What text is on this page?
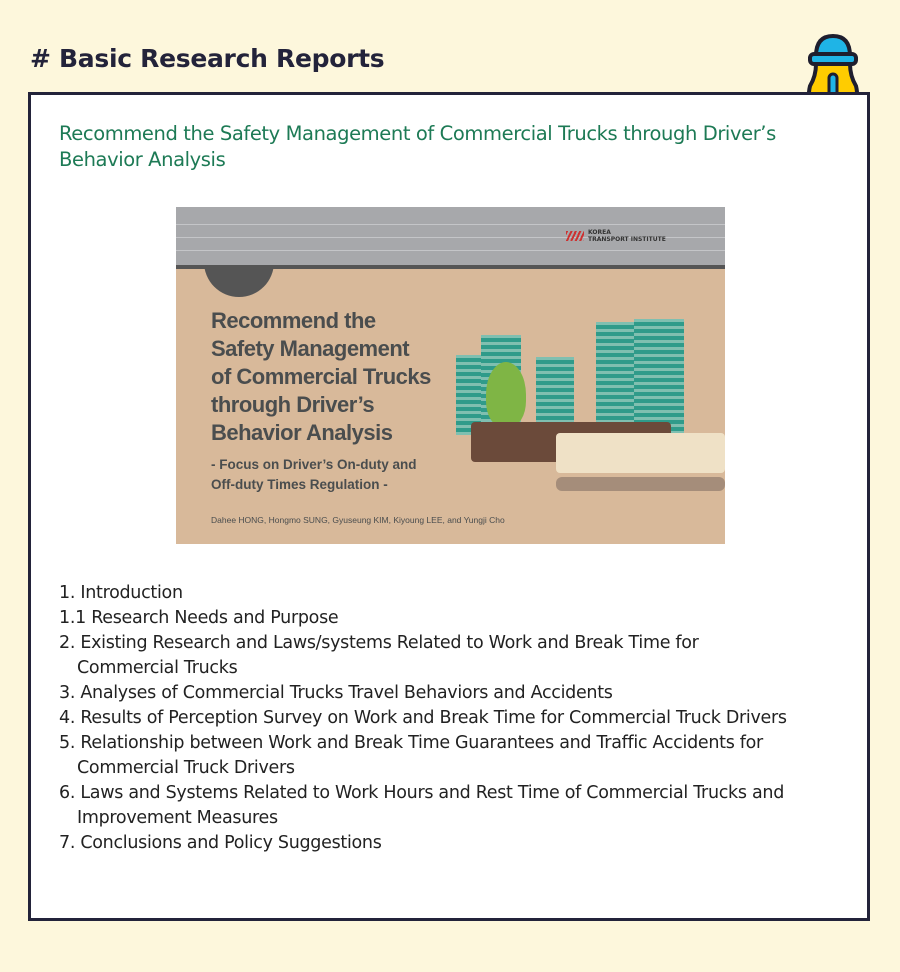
# Basic Research Reports
Recommend the Safety Management of Commercial Trucks through Driver’s Behavior Analysis
KOREA
TRANSPORT INSTITUTE
Recommend the
Safety Management
of Commercial Trucks
through Driver’s
Behavior Analysis
- Focus on Driver’s On-duty and
Off-duty Times Regulation -
Dahee HONG, Hongmo SUNG, Gyuseung KIM, Kiyoung LEE, and Yungji Cho
1. Introduction
1.1 Research Needs and Purpose
2. Existing Research and Laws/systems Related to Work and Break Time for Commercial Trucks
3. Analyses of Commercial Trucks Travel Behaviors and Accidents
4. Results of Perception Survey on Work and Break Time for Commercial Truck Drivers
5. Relationship between Work and Break Time Guarantees and Traffic Accidents for Commercial Truck Drivers
6. Laws and Systems Related to Work Hours and Rest Time of Commercial Trucks and Improvement Measures
7. Conclusions and Policy Suggestions
